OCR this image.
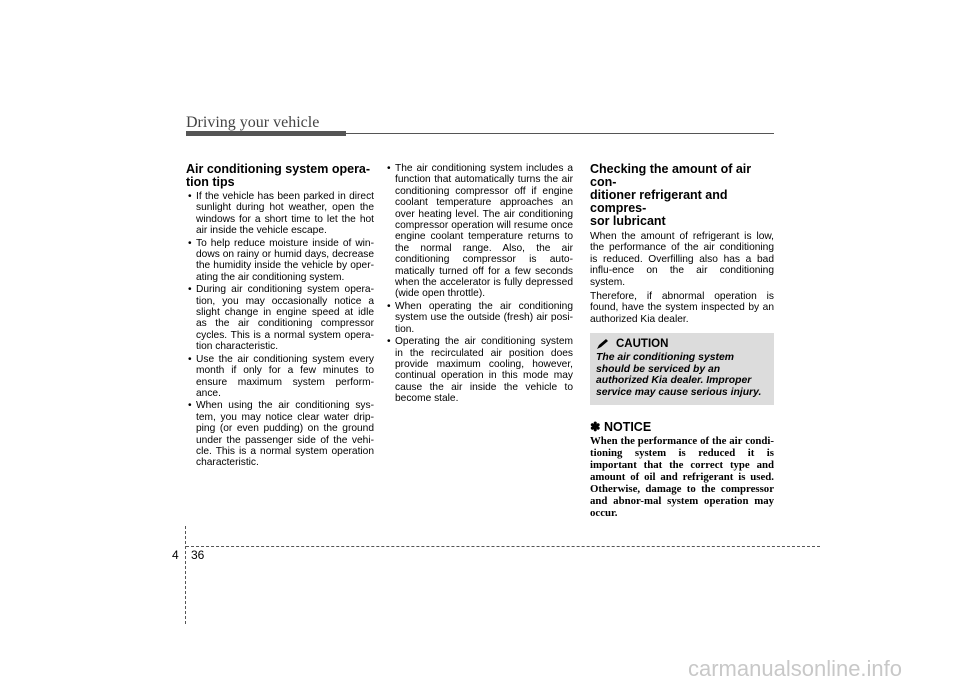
Driving your vehicle
Air conditioning system opera-
tion tips
• If the vehicle has been parked in direct sunlight during hot weather, open the windows for a short time to let the hot air inside the vehicle escape.
• To help reduce moisture inside of win-dows on rainy or humid days, decrease the humidity inside the vehicle by oper-ating the air conditioning system.
• During air conditioning system opera-tion, you may occasionally notice a slight change in engine speed at idle as the air conditioning compressor cycles. This is a normal system opera-tion characteristic.
• Use the air conditioning system every month if only for a few minutes to ensure maximum system perform-ance.
• When using the air conditioning sys-tem, you may notice clear water drip-ping (or even pudding) on the ground under the passenger side of the vehi-cle. This is a normal system operation characteristic.
• The air conditioning system includes a function that automatically turns the air conditioning compressor off if engine coolant temperature approaches an over heating level. The air conditioning compressor operation will resume once engine coolant temperature returns to the normal range. Also, the air conditioning compressor is auto-matically turned off for a few seconds when the accelerator is fully depressed (wide open throttle).
• When operating the air conditioning system use the outside (fresh) air posi-tion.
• Operating the air conditioning system in the recirculated air position does provide maximum cooling, however, continual operation in this mode may cause the air inside the vehicle to become stale.
Checking the amount of air con-
ditioner refrigerant and compres-
sor lubricant

When the amount of refrigerant is low, the performance of the air conditioning is reduced. Overfilling also has a bad influ-ence on the air conditioning system.

Therefore, if abnormal operation is found, have the system inspected by an authorized Kia dealer.

CAUTION

The air conditioning system should be serviced by an authorized Kia dealer. Improper service may cause serious injury.

✽ NOTICE

When the performance of the air condi-tioning system is reduced it is important that the correct type and amount of oil and refrigerant is used. Otherwise, damage to the compressor and abnor-mal system operation may occur.

4 36
carmanualsonline.info
